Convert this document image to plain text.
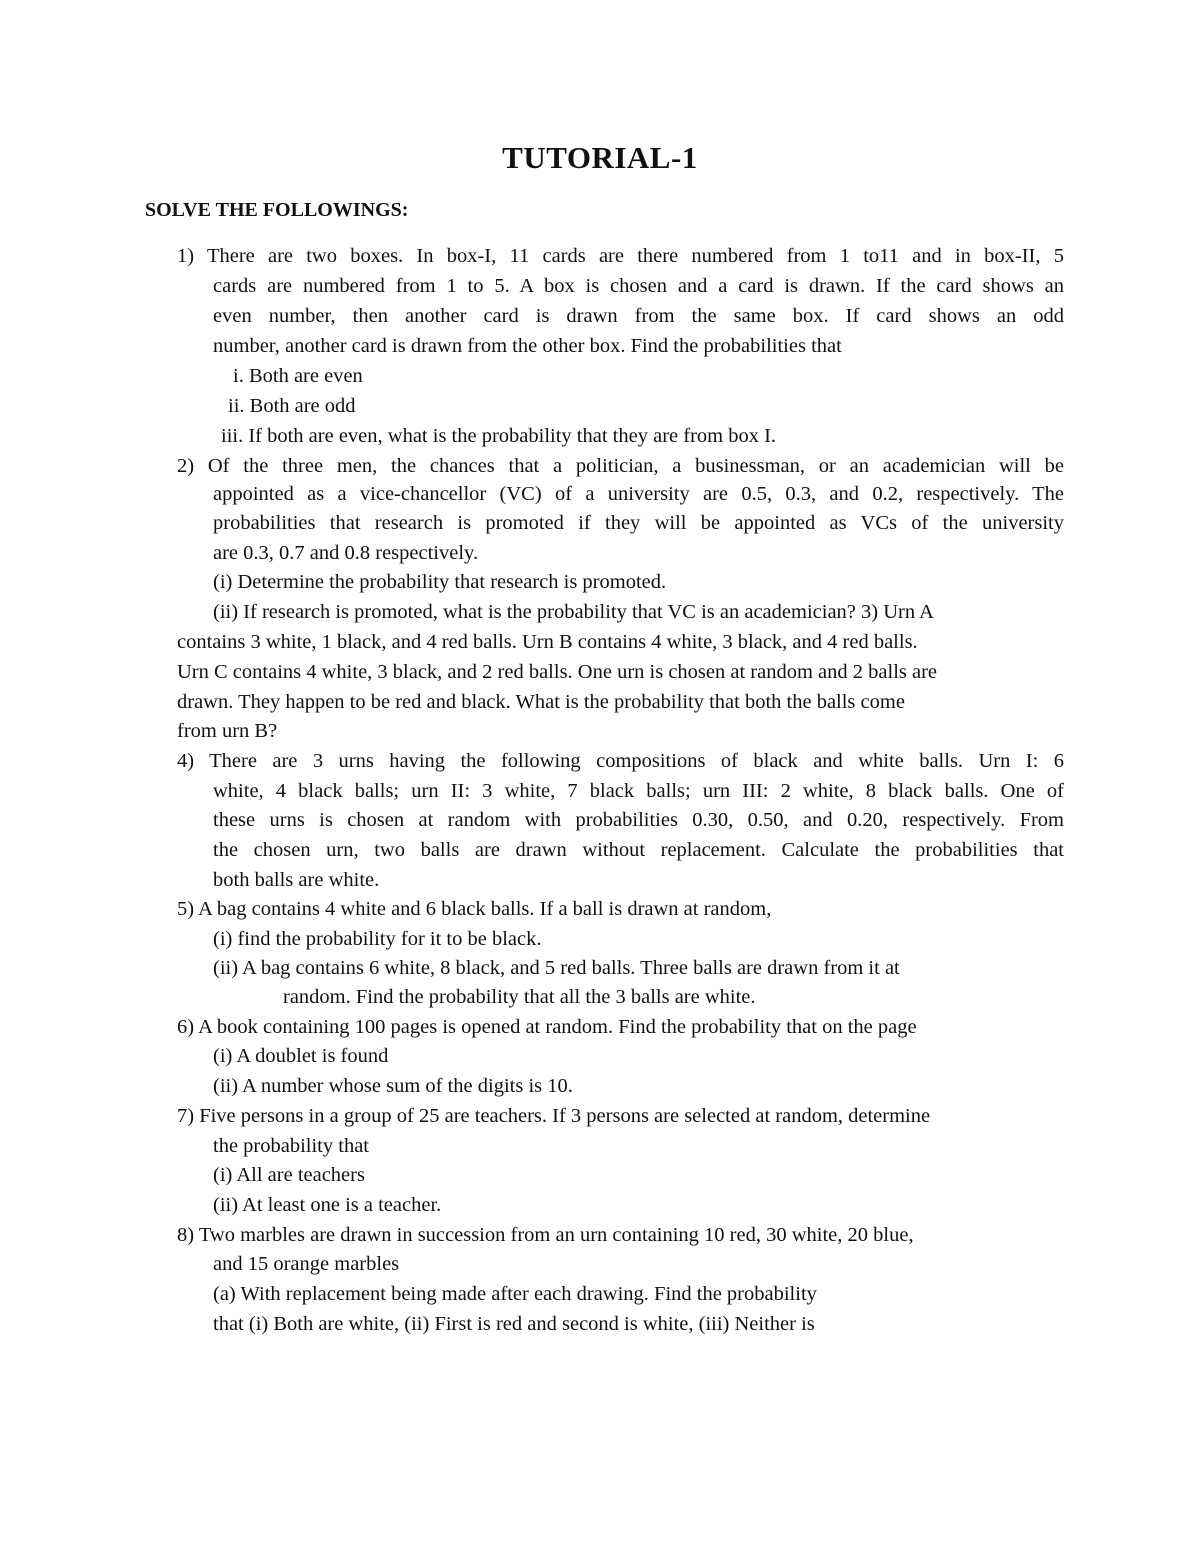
TUTORIAL-1
SOLVE THE FOLLOWINGS:
1) There are two boxes. In box-I, 11 cards are there numbered from 1 to11 and in box-II, 5
cards are numbered from 1 to 5. A box is chosen and a card is drawn. If the card shows an
even number, then another card is drawn from the same box. If card shows an odd
number, another card is drawn from the other box. Find the probabilities that
i. Both are even
ii. Both are odd
iii. If both are even, what is the probability that they are from box I.
2) Of the three men, the chances that a politician, a businessman, or an academician will be
appointed as a vice-chancellor (VC) of a university are 0.5, 0.3, and 0.2, respectively. The
probabilities that research is promoted if they will be appointed as VCs of the university
are 0.3, 0.7 and 0.8 respectively.
(i) Determine the probability that research is promoted.
(ii) If research is promoted, what is the probability that VC is an academician? 3) Urn A
contains 3 white, 1 black, and 4 red balls. Urn B contains 4 white, 3 black, and 4 red balls.
Urn C contains 4 white, 3 black, and 2 red balls. One urn is chosen at random and 2 balls are
drawn. They happen to be red and black. What is the probability that both the balls come
from urn B?
4) There are 3 urns having the following compositions of black and white balls. Urn I: 6
white, 4 black balls; urn II: 3 white, 7 black balls; urn III: 2 white, 8 black balls. One of
these urns is chosen at random with probabilities 0.30, 0.50, and 0.20, respectively. From
the chosen urn, two balls are drawn without replacement. Calculate the probabilities that
both balls are white.
5) A bag contains 4 white and 6 black balls. If a ball is drawn at random,
(i) find the probability for it to be black.
(ii) A bag contains 6 white, 8 black, and 5 red balls. Three balls are drawn from it at
random. Find the probability that all the 3 balls are white.
6) A book containing 100 pages is opened at random. Find the probability that on the page
(i) A doublet is found
(ii) A number whose sum of the digits is 10.
7) Five persons in a group of 25 are teachers. If 3 persons are selected at random, determine
the probability that
(i) All are teachers
(ii) At least one is a teacher.
8) Two marbles are drawn in succession from an urn containing 10 red, 30 white, 20 blue,
and 15 orange marbles
(a) With replacement being made after each drawing. Find the probability
that (i) Both are white, (ii) First is red and second is white, (iii) Neither is
